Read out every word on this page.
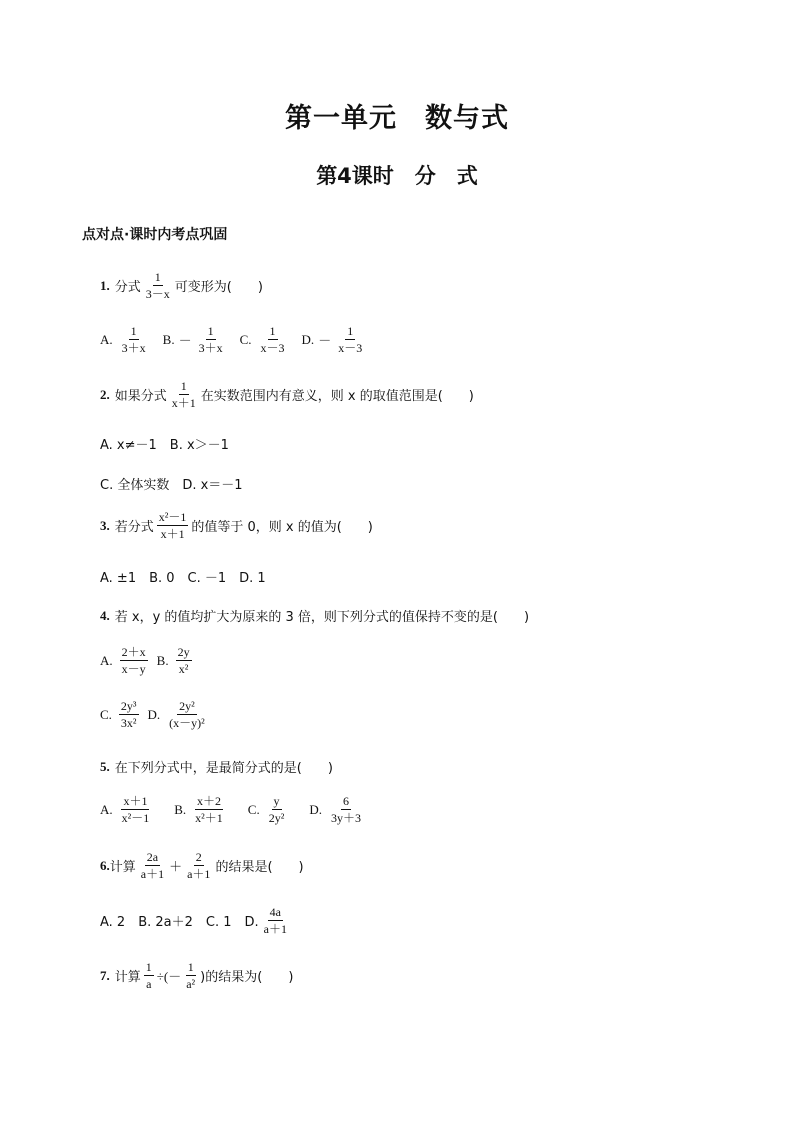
第一单元　数与式
第4课时　分　式
点对点·课时内考点巩固
1. 分式 $\frac{1}{3-x}$ 可变形为(　　)
A. $\frac{1}{3+x} B$. － $\frac{1}{3+x} C$. $\frac{1}{x-3} D$. － $\frac{1}{x-3}$
2. 如果分式 $\frac{1}{x+1}$ 在实数范围内有意义，则 x 的取值范围是(　　)
A. x≠－1　B. x＞－1
C. 全体实数　D. x＝－1
3. 若分式 $\frac{\text{x²－1}}{x+1}$ 的值等于 0，则 x 的值为(　　)
A. ±1　B. 0　C. －1　D. 1
4. 若 x，y 的值均扩大为原来的 3 倍，则下列分式的值保持不变的是(　　)
A. $\frac{2+x}{x-y} B$. $\frac{2y}{\text{x²}}$
C. $\frac{\text{2y³}}{\text{3x²}} D$. $\frac{\text{2y²}}{\text{(x－y)²}}$
5. 在下列分式中，是最简分式的是(　　)
A. $\frac{x+1}{\text{x²－1}} B$. $\frac{x+2}{\text{x²＋1}} C$. $\frac{y}{\text{2y²}} D$. $\frac{6}{3y+3}$
6. 计算 $\frac{2a}{a+1} + \frac{2}{a+1}$ 的结果是(　　)
A. 2　B. 2a＋2　C. 1　D. $\frac{4a}{a+1}$
7. 计算 $\frac{1}{a}$ ÷(－ $\frac{1}{\text{a²}}$ )的结果为(　　)
